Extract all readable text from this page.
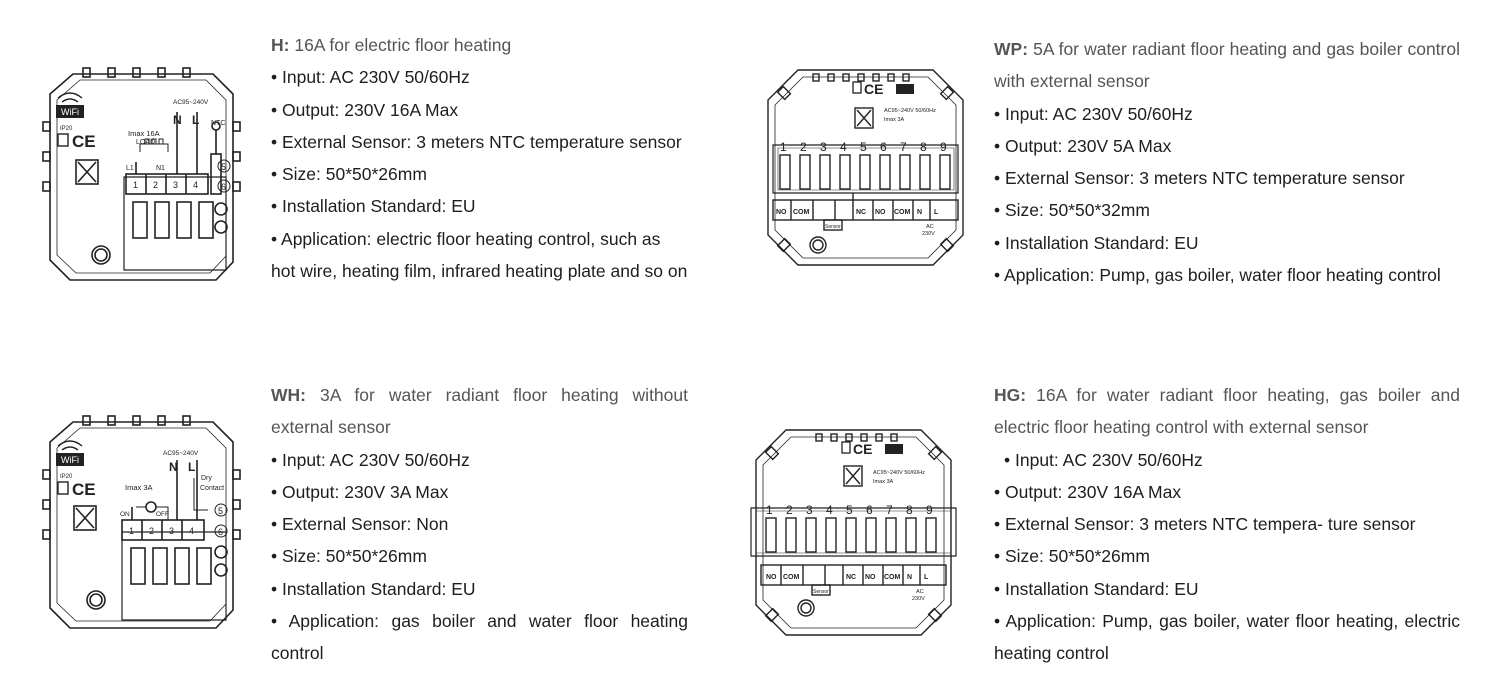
WiFi
IP20
CE
AC95~240V
N L
Imax 16A
LOAD
L1	N1
NTC
1 2 3 4
5
6
H: 16A for electric floor heating
• Input: AC 230V 50/60Hz
• Output: 230V 16A Max
• External Sensor: 3 meters NTC temperature sensor
• Size: 50*50*26mm
• Installation Standard: EU
• Application: electric floor heating control, such as hot wire, heating film, infrared heating plate and so on
CE
AC95~240V 50/60Hz
Imax 3A
1 2 3 4 5 6 7 8 9
NO COM	NC NO COM N L
Sensor	AC
230V
WP: 5A for water radiant floor heating and gas boiler control with external sensor
• Input: AC 230V 50/60Hz
• Output: 230V 5A Max
• External Sensor: 3 meters NTC temperature sensor
• Size: 50*50*32mm
• Installation Standard: EU
• Application: Pump, gas boiler, water floor heating control
WiFi
IP20
CE
AC95~240V
N L
Imax 3A
Dry
Contact
ON	OFF
1 2 3 4
5
6
WH: 3A for water radiant floor heating without external sensor
• Input: AC 230V 50/60Hz
• Output: 230V 3A Max
• External Sensor: Non
• Size: 50*50*26mm
• Installation Standard: EU
• Application: gas boiler and water floor heating control
CE
AC95~240V 50/60Hz
Imax 3A
1 2 3 4 5 6 7 8 9
NO COM	NC NO COM N L
Sensor	AC
230V
HG: 16A for water radiant floor heating, gas boiler and electric floor heating control with external sensor
• Input: AC 230V 50/60Hz
• Output: 230V 16A Max
• External Sensor: 3 meters NTC tempera- ture sensor
• Size: 50*50*26mm
• Installation Standard: EU
• Application: Pump, gas boiler, water floor heating, electric heating control
